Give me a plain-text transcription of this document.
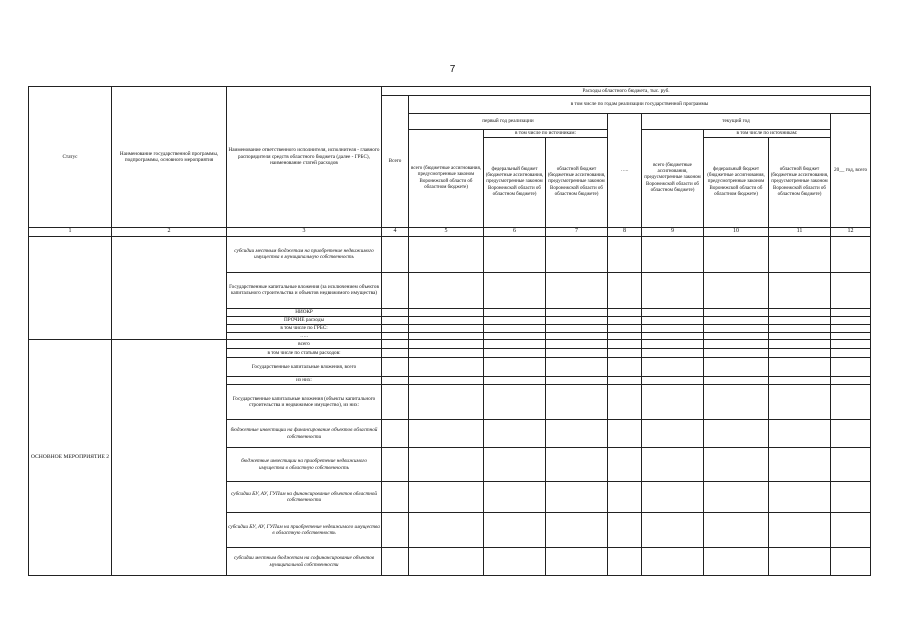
7
Статус	Наименование государственной программы, подпрограммы, основного мероприятия	Наименование ответственного исполнителя, исполнителя - главного распорядителя средств областного бюджета (далее - ГРБС), наименование статей расходов	Расходы областного бюджета, тыс. руб.								
			Всего	в том числе по годам реализации государственной программы							
				первый год реализации			…..	текущий год			20__ год, всего
				всего (бюджетные ассигнования, предусмотренные законом Воронежской области об областном бюджете)	в том числе по источникам:			всего (бюджетные ассигнования, предусмотренные законом Воронежской области об областном бюджете)	в том числе по источникам:		
					федеральный бюджет (бюджетные ассигнования, предусмотренные законом Воронежской области об областном бюджете)	областной бюджет (бюджетные ассигнования, предусмотренные законом Воронежской области об областном бюджете)			федеральный бюджет (бюджетные ассигнования, предусмотренные законом Воронежской области об областном бюджете)	областной бюджет (бюджетные ассигнования, предусмотренные законом Воронежской области об областном бюджете)	
1	2	3	4	5	6	7	8	9	10	11	12
		субсидии местным бюджетам на приобретение недвижимого имущества в муниципальную собственность									
		Государственные капитальные вложения (за исключением объектов капитального строительства и объектов недвижимого имущества)									
		НИОКР									
		ПРОЧИЕ расходы									
		в том числе по ГРБС:									
		…..									
ОСНОВНОЕ МЕРОПРИЯТИЕ 2		всего									
		в том числе по статьям расходов:									
		Государственные капитальные вложения, всего									
		из них:									
		Государственные капитальные вложения (объекты капитального строительства и недвижимое имущество), из них:									
		бюджетные инвестиции на финансирование объектов областной собственности									
		бюджетные инвестиции на приобретение недвижимого имущества в областную собственность									
		субсидии БУ, АУ, ГУПам на финансирование объектов областной собственности									
		субсидии БУ, АУ, ГУПам на приобретение недвижимого имущества в областную собственность									
		субсидии местным бюджетам на софинансирование объектов муниципальной собственности									
